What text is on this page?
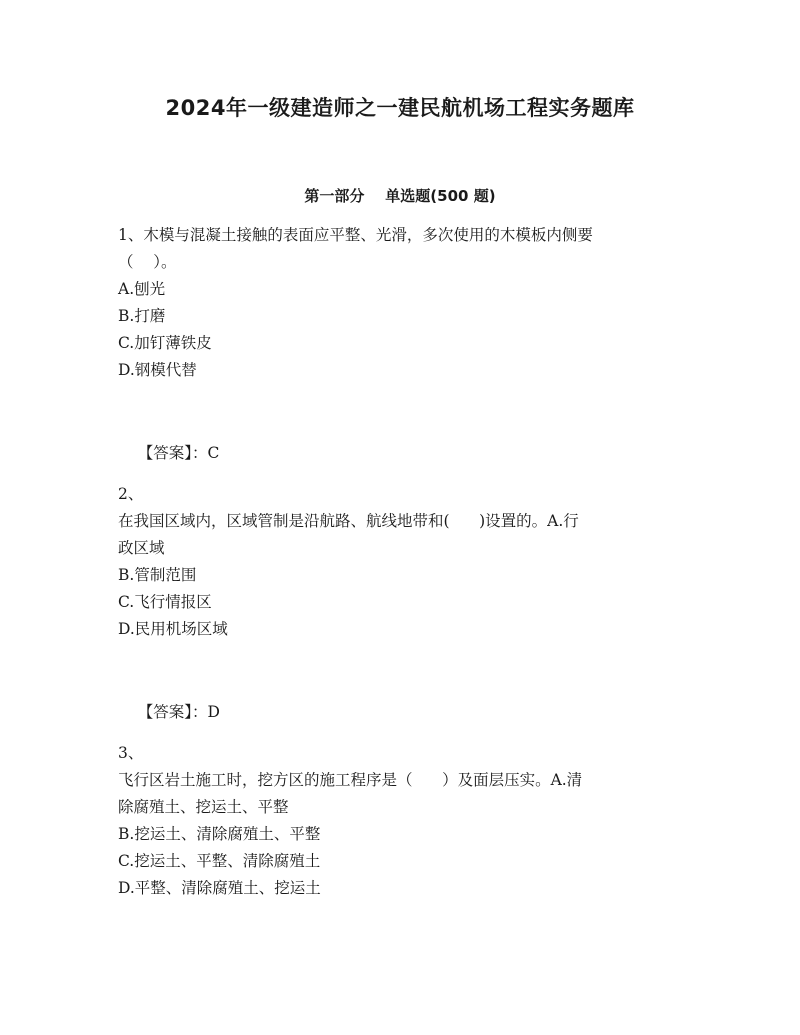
2024年一级建造师之一建民航机场工程实务题库
第一部分    单选题(500 题)
1、木模与混凝土接触的表面应平整、光滑，多次使用的木模板内侧要
（    ）。
A.刨光
B.打磨
C.加钉薄铁皮
D.钢模代替

【答案】：C

2、
在我国区域内，区域管制是沿航路、航线地带和(      )设置的。A.行
政区域
B.管制范围
C.飞行情报区
D.民用机场区域

【答案】：D

3、
飞行区岩土施工时，挖方区的施工程序是（      ）及面层压实。A.清
除腐殖土、挖运土、平整
B.挖运土、清除腐殖土、平整
C.挖运土、平整、清除腐殖土
D.平整、清除腐殖土、挖运土
